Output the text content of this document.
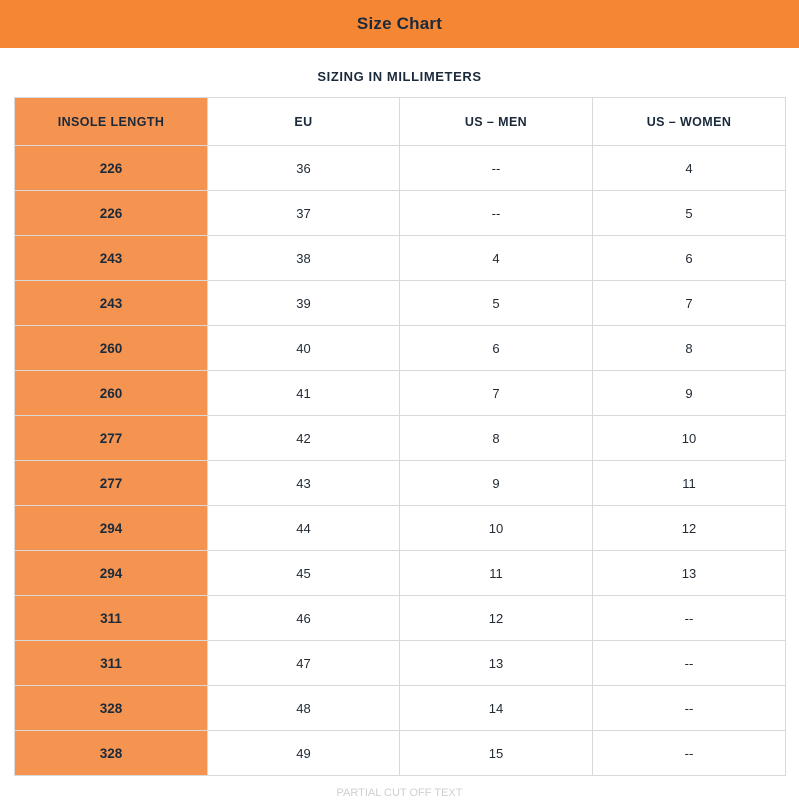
Size Chart
SIZING IN MILLIMETERS
INSOLE LENGTH	EU	US – MEN	US – WOMEN
226	36	--	4
226	37	--	5
243	38	4	6
243	39	5	7
260	40	6	8
260	41	7	9
277	42	8	10
277	43	9	11
294	44	10	12
294	45	11	13
311	46	12	--
311	47	13	--
328	48	14	--
328	49	15	--
PARTIAL CUT OFF TEXT
